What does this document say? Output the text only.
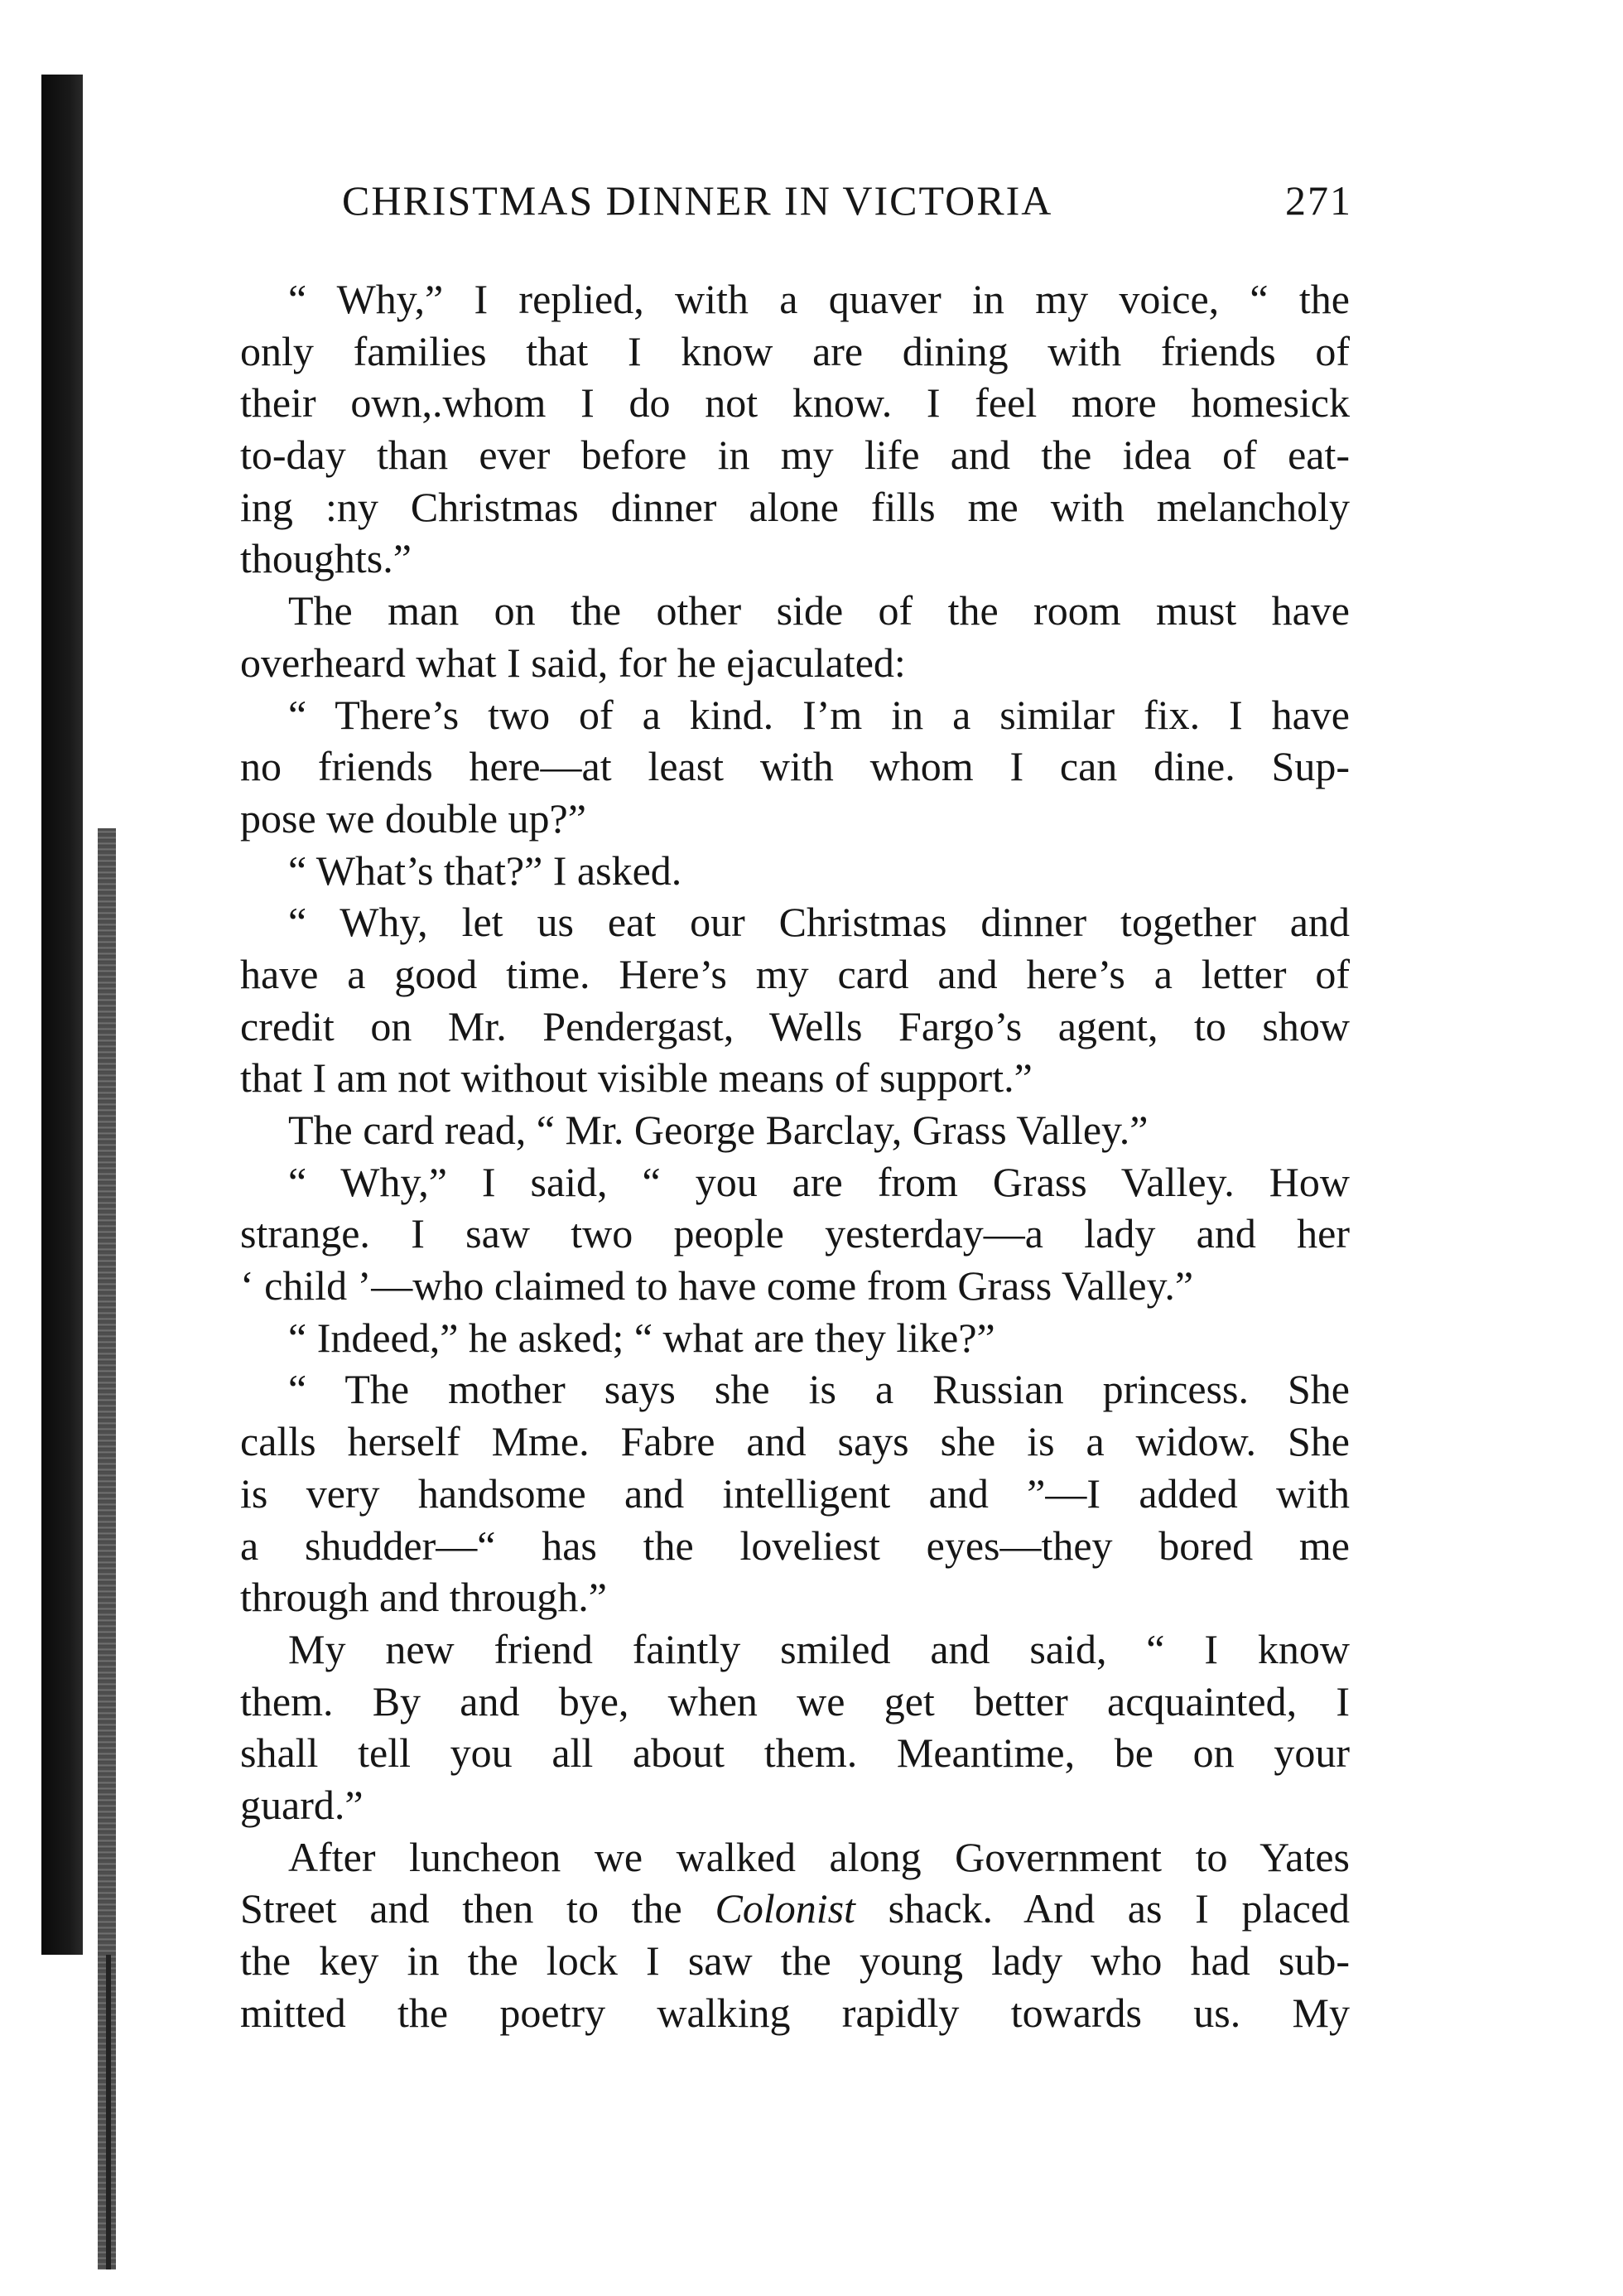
CHRISTMAS DINNER IN VICTORIA	271
“ Why,” I replied, with a quaver in my voice, “ the
only families that I know are dining with friends of
their own,.whom I do not know. I feel more homesick
to-day than ever before in my life and the idea of eat-
ing :ny Christmas dinner alone fills me with melancholy
thoughts.”
The man on the other side of the room must have
overheard what I said, for he ejaculated:
“ There’s two of a kind. I’m in a similar fix. I have
no friends here—at least with whom I can dine. Sup-
pose we double up?”
“ What’s that?” I asked.
“ Why, let us eat our Christmas dinner together and
have a good time. Here’s my card and here’s a letter of
credit on Mr. Pendergast, Wells Fargo’s agent, to show
that I am not without visible means of support.”
The card read, “ Mr. George Barclay, Grass Valley.”
“ Why,” I said, “ you are from Grass Valley. How
strange. I saw two people yesterday—a lady and her
‘ child ’—who claimed to have come from Grass Valley.”
“ Indeed,” he asked; “ what are they like?”
“ The mother says she is a Russian princess. She
calls herself Mme. Fabre and says she is a widow. She
is very handsome and intelligent and ”—I added with
a shudder—“ has the loveliest eyes—they bored me
through and through.”
My new friend faintly smiled and said, “ I know
them. By and bye, when we get better acquainted, I
shall tell you all about them. Meantime, be on your
guard.”
After luncheon we walked along Government to Yates
Street and then to the Colonist shack. And as I placed
the key in the lock I saw the young lady who had sub-
mitted the poetry walking rapidly towards us. My
